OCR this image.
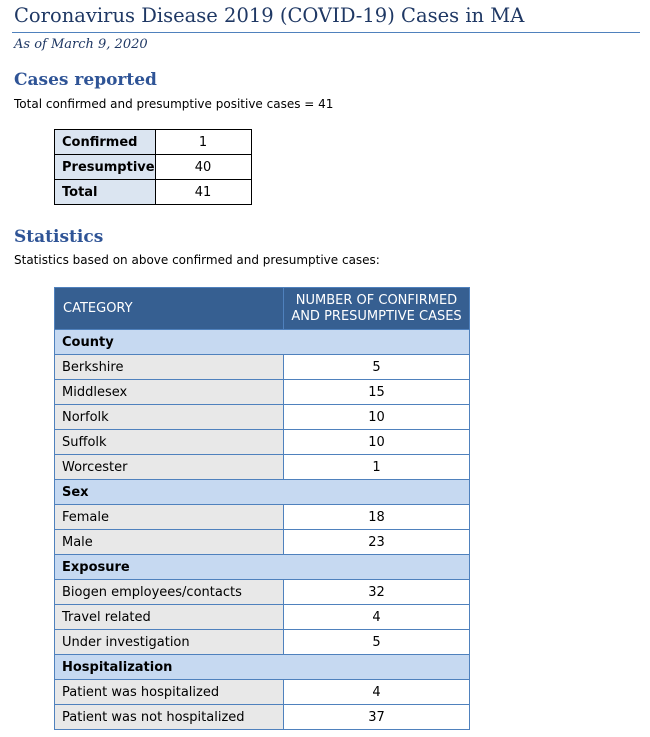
Coronavirus Disease 2019 (COVID-19) Cases in MA
As of March 9, 2020
Cases reported
Total confirmed and presumptive positive cases = 41
Confirmed	1
Presumptive	40
Total	41
Statistics
Statistics based on above confirmed and presumptive cases:
CATEGORY	NUMBER OF CONFIRMED
AND PRESUMPTIVE CASES
County	
Berkshire	5
Middlesex	15
Norfolk	10
Suffolk	10
Worcester	1
Sex	
Female	18
Male	23
Exposure	
Biogen employees/contacts	32
Travel related	4
Under investigation	5
Hospitalization	
Patient was hospitalized	4
Patient was not hospitalized	37
